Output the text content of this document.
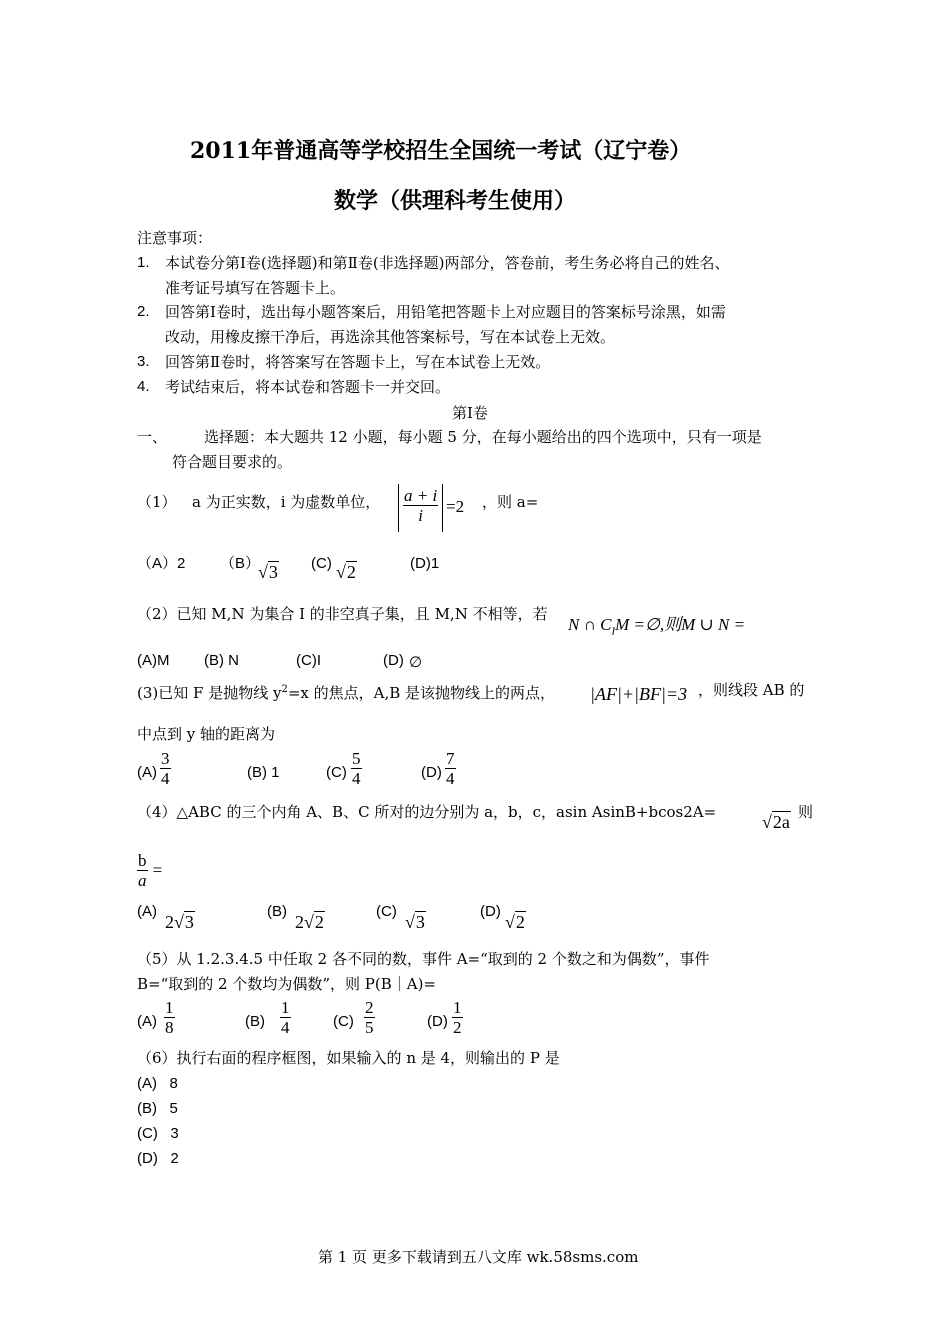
2011年普通高等学校招生全国统一考试（辽宁卷）
数学（供理科考生使用）
注意事项：
1. 本试卷分第Ⅰ卷(选择题)和第Ⅱ卷(非选择题)两部分，答卷前，考生务必将自己的姓名、
准考证号填写在答题卡上。
2. 回答第Ⅰ卷时，选出每小题答案后，用铅笔把答题卡上对应题目的答案标号涂黑，如需
改动，用橡皮擦干净后，再选涂其他答案标号，写在本试卷上无效。
3. 回答第Ⅱ卷时，将答案写在答题卡上，写在本试卷上无效。
4. 考试结束后，将本试卷和答题卡一并交回。
第Ⅰ卷
一、 选择题：本大题共 12 小题，每小题 5 分，在每小题给出的四个选项中，只有一项是
符合题目要求的。
（1） a 为正实数，i 为虚数单位， $\frac{a + i}{i} =2$ ，则 a=
（A）2 （B）
√3 (C) √2	(D)1
（2）已知 M,N 为集合 I 的非空真子集，且 M,N 不相等，若
N ∩ $C_IM$ =∅,则M ∪ N =
(A)M (B) N	(C)I	(D) ∅
(3)已知 F 是抛物线 $y^2=x$ 的焦点，A,B 是该抛物线上的两点， |AF|+|BF|=3 ，则线段 AB 的
中点到 y 轴的距离为
$(A) \frac{3}{4}$	(B) 1	$(C) \frac{5}{4}$	$(D) \frac{7}{4}$
（4）△ABC 的三个内角 A、B、C 所对的边分别为 a，b，c，asin AsinB+bcos2A=	√2a 则
$\frac{b}{a}$ =
(A)
2√3
(B)
2√2
(C)
√3
(D)
√2
（5）从 1.2.3.4.5 中任取 2 各不同的数，事件 A=“取到的 2 个数之和为偶数”，事件
B=“取到的 2 个数均为偶数”，则 P(B｜A)=
$(A) \frac{1}{8}$	$(B) \frac{1}{4}$	$(C) \frac{2}{5}$	$(D) \frac{1}{2}$
（6）执行右面的程序框图，如果输入的 n 是 4，则输出的 P 是
(A)   8
(B)   5
(C)   3
(D)   2
第 1 页 更多下载请到五八文库 wk.58sms.com
